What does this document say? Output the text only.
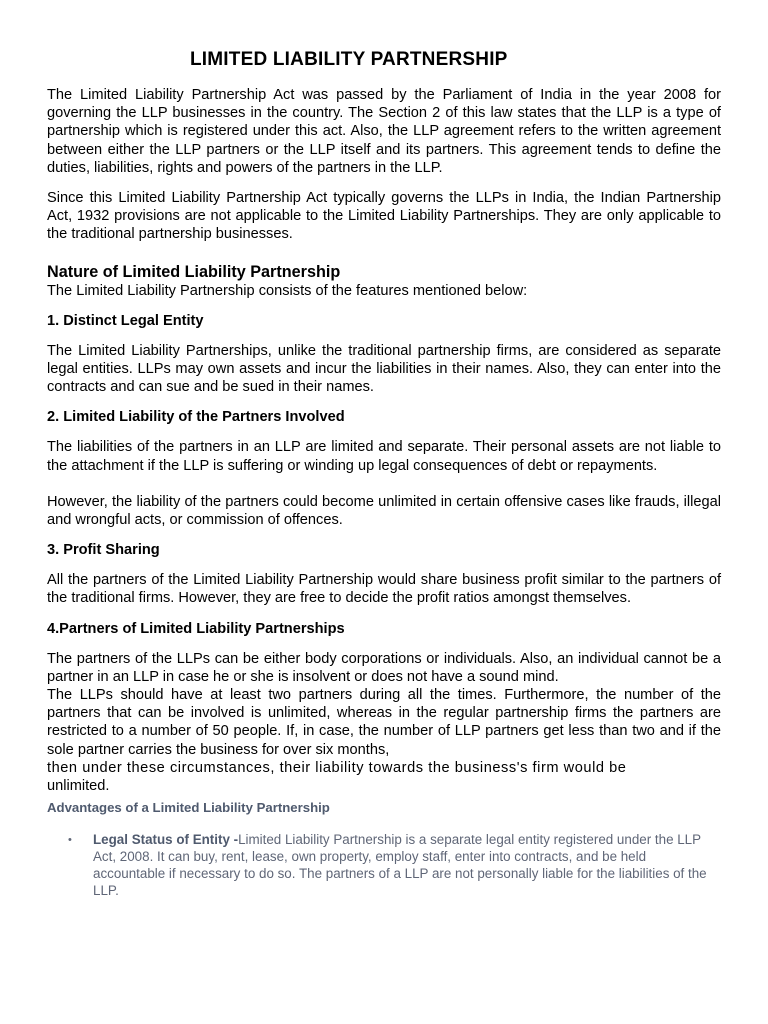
LIMITED LIABILITY PARTNERSHIP

The Limited Liability Partnership Act was passed by the Parliament of India in the year 2008 for governing the LLP businesses in the country. The Section 2 of this law states that the LLP is a type of partnership which is registered under this act. Also, the LLP agreement refers to the written agreement between either the LLP partners or the LLP itself and its partners. This agreement tends to define the duties, liabilities, rights and powers of the partners in the LLP.

Since this Limited Liability Partnership Act typically governs the LLPs in India, the Indian Partnership Act, 1932 provisions are not applicable to the Limited Liability Partnerships. They are only applicable to the traditional partnership businesses.

Nature of Limited Liability Partnership

The Limited Liability Partnership consists of the features mentioned below:

1. Distinct Legal Entity

The Limited Liability Partnerships, unlike the traditional partnership firms, are considered as separate legal entities. LLPs may own assets and incur the liabilities in their names. Also, they can enter into the contracts and can sue and be sued in their names.

2. Limited Liability of the Partners Involved

The liabilities of the partners in an LLP are limited and separate. Their personal assets are not liable to the attachment if the LLP is suffering or winding up legal consequences of debt or repayments.

However, the liability of the partners could become unlimited in certain offensive cases like frauds, illegal and wrongful acts, or commission of offences.

3. Profit Sharing

All the partners of the Limited Liability Partnership would share business profit similar to the partners of the traditional firms. However, they are free to decide the profit ratios amongst themselves.

4.Partners of Limited Liability Partnerships

The partners of the LLPs can be either body corporations or individuals. Also, an individual cannot be a partner in an LLP in case he or she is insolvent or does not have a sound mind.

The LLPs should have at least two partners during all the times. Furthermore, the number of the partners that can be involved is unlimited, whereas in the regular partnership firms the partners are restricted to a number of 50 people. If, in case, the number of LLP partners get less than two and if the sole partner carries the business for over six months,

then under these circumstances, their liability towards the business's firm would be

unlimited.

Advantages of a Limited Liability Partnership
• Legal Status of Entity -Limited Liability Partnership is a separate legal entity registered under the LLP Act, 2008. It can buy, rent, lease, own property, employ staff, enter into contracts, and be held accountable if necessary to do so. The partners of a LLP are not personally liable for the liabilities of the LLP.
